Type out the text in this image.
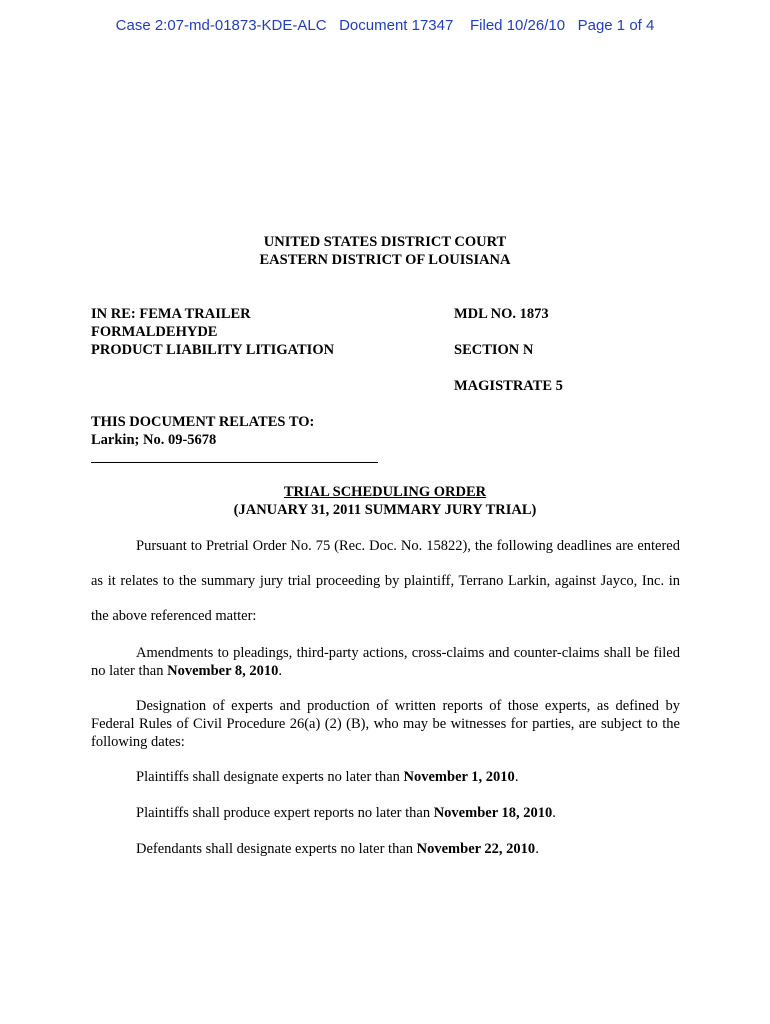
Case 2:07-md-01873-KDE-ALC Document 17347 Filed 10/26/10 Page 1 of 4
UNITED STATES DISTRICT COURT
EASTERN DISTRICT OF LOUISIANA
IN RE: FEMA TRAILER
FORMALDEHYDE
PRODUCT LIABILITY LITIGATION
MDL NO. 1873
SECTION N
MAGISTRATE 5
THIS DOCUMENT RELATES TO:
Larkin; No. 09-5678
TRIAL SCHEDULING ORDER
(JANUARY 31, 2011 SUMMARY JURY TRIAL)
Pursuant to Pretrial Order No. 75 (Rec. Doc. No. 15822), the following deadlines are entered as it relates to the summary jury trial proceeding by plaintiff, Terrano Larkin, against Jayco, Inc. in the above referenced matter:
Amendments to pleadings, third-party actions, cross-claims and counter-claims shall be filed no later than November 8, 2010.
Designation of experts and production of written reports of those experts, as defined by Federal Rules of Civil Procedure 26(a) (2) (B), who may be witnesses for parties, are subject to the following dates:
Plaintiffs shall designate experts no later than November 1, 2010.
Plaintiffs shall produce expert reports no later than November 18, 2010.
Defendants shall designate experts no later than November 22, 2010.
